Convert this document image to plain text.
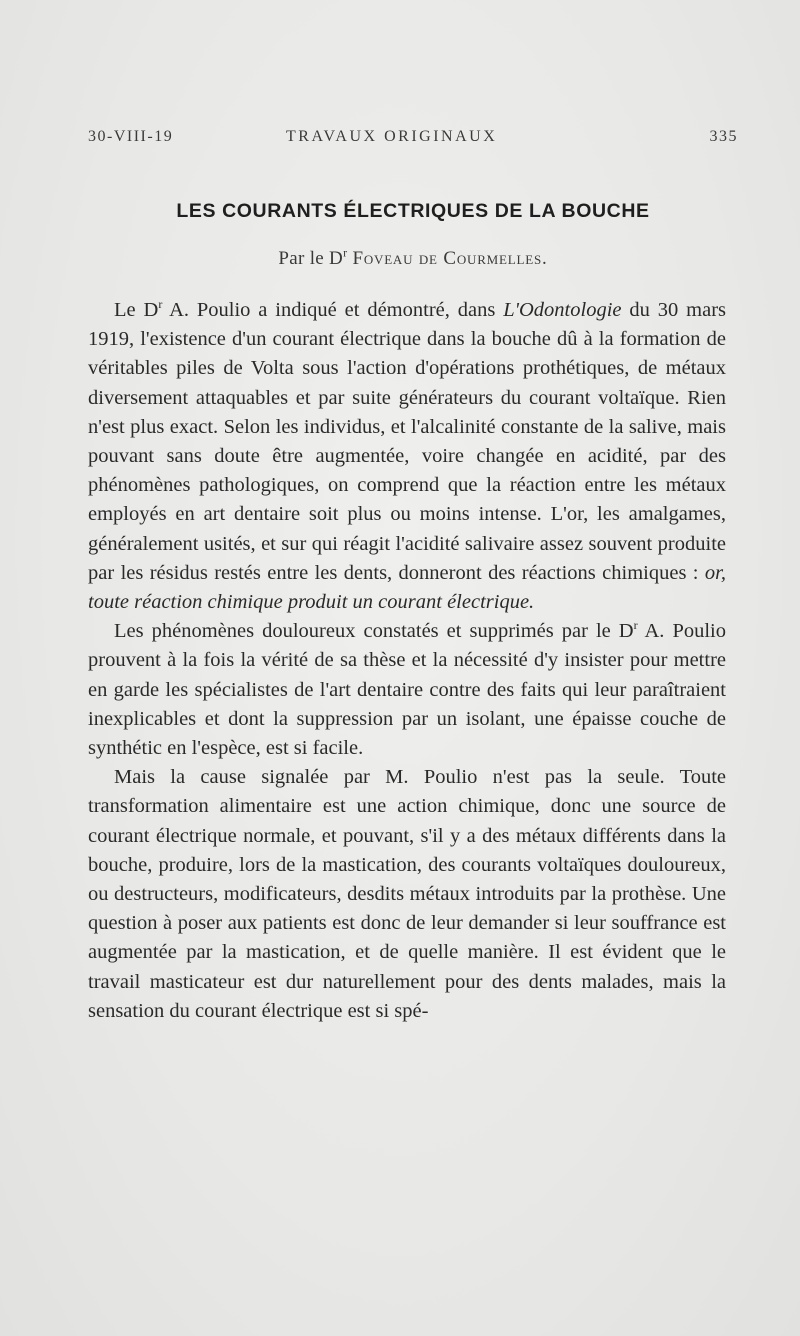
30-VIII-19	TRAVAUX ORIGINAUX	335
LES COURANTS ÉLECTRIQUES DE LA BOUCHE
Par le $D^r$ Foveau de Courmelles.

Le $D^r$ A. Poulio a indiqué et démontré, dans L'Odontologie du 30 mars 1919, l'existence d'un courant électrique dans la bouche dû à la formation de véritables piles de Volta sous l'action d'opérations prothétiques, de métaux diversement attaquables et par suite générateurs du courant voltaïque. Rien n'est plus exact. Selon les individus, et l'alcalinité constante de la salive, mais pouvant sans doute être augmentée, voire changée en acidité, par des phénomènes pathologiques, on comprend que la réaction entre les métaux employés en art dentaire soit plus ou moins intense. L'or, les amalgames, généralement usités, et sur qui réagit l'acidité salivaire assez souvent produite par les résidus restés entre les dents, donneront des réactions chimiques : or, toute réaction chimique produit un courant électrique.

Les phénomènes douloureux constatés et supprimés par le $D^r$ A. Poulio prouvent à la fois la vérité de sa thèse et la nécessité d'y insister pour mettre en garde les spécialistes de l'art dentaire contre des faits qui leur paraîtraient inexplicables et dont la suppression par un isolant, une épaisse couche de synthétic en l'espèce, est si facile.

Mais la cause signalée par M. Poulio n'est pas la seule. Toute transformation alimentaire est une action chimique, donc une source de courant électrique normale, et pouvant, s'il y a des métaux différents dans la bouche, produire, lors de la mastication, des courants voltaïques douloureux, ou destructeurs, modificateurs, desdits métaux introduits par la prothèse. Une question à poser aux patients est donc de leur demander si leur souffrance est augmentée par la mastication, et de quelle manière. Il est évident que le travail masticateur est dur naturellement pour des dents malades, mais la sensation du courant électrique est si spé-
